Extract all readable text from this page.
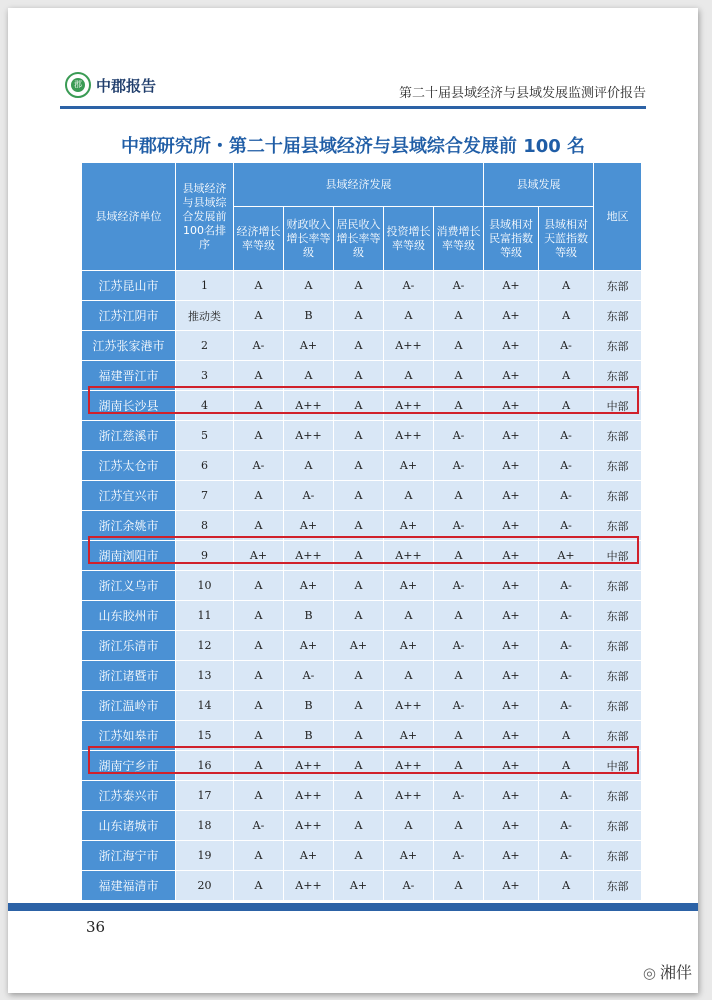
郡 中郡报告	第二十届县域经济与县域发展监测评价报告
中郡研究所・第二十届县域经济与县域综合发展前 100 名
县域经济单位	县域经济与县域综合发展前100名排序	县域经济发展					县域发展		地区
		经济增长率等级	财政收入增长率等级	居民收入增长率等级	投资增长率等级	消费增长率等级	县域相对民富指数等级	县域相对天蓝指数等级	
江苏昆山市	1	A	A	A	A-	A-	A+	A	东部
江苏江阴市	推动类	A	B	A	A	A	A+	A	东部
江苏张家港市	2	A-	A+	A	A++	A	A+	A-	东部
福建晋江市	3	A	A	A	A	A	A+	A	东部
湖南长沙县	4	A	A++	A	A++	A	A+	A	中部
浙江慈溪市	5	A	A++	A	A++	A-	A+	A-	东部
江苏太仓市	6	A-	A	A	A+	A-	A+	A-	东部
江苏宜兴市	7	A	A-	A	A	A	A+	A-	东部
浙江余姚市	8	A	A+	A	A+	A-	A+	A-	东部
湖南浏阳市	9	A+	A++	A	A++	A	A+	A+	中部
浙江义乌市	10	A	A+	A	A+	A-	A+	A-	东部
山东胶州市	11	A	B	A	A	A	A+	A-	东部
浙江乐清市	12	A	A+	A+	A+	A-	A+	A-	东部
浙江诸暨市	13	A	A-	A	A	A	A+	A-	东部
浙江温岭市	14	A	B	A	A++	A-	A+	A-	东部
江苏如皋市	15	A	B	A	A+	A	A+	A	东部
湖南宁乡市	16	A	A++	A	A++	A	A+	A	中部
江苏泰兴市	17	A	A++	A	A++	A-	A+	A-	东部
山东诸城市	18	A-	A++	A	A	A	A+	A-	东部
浙江海宁市	19	A	A+	A	A+	A-	A+	A-	东部
福建福清市	20	A	A++	A+	A-	A	A+	A	东部
36
◎ 湘伴
